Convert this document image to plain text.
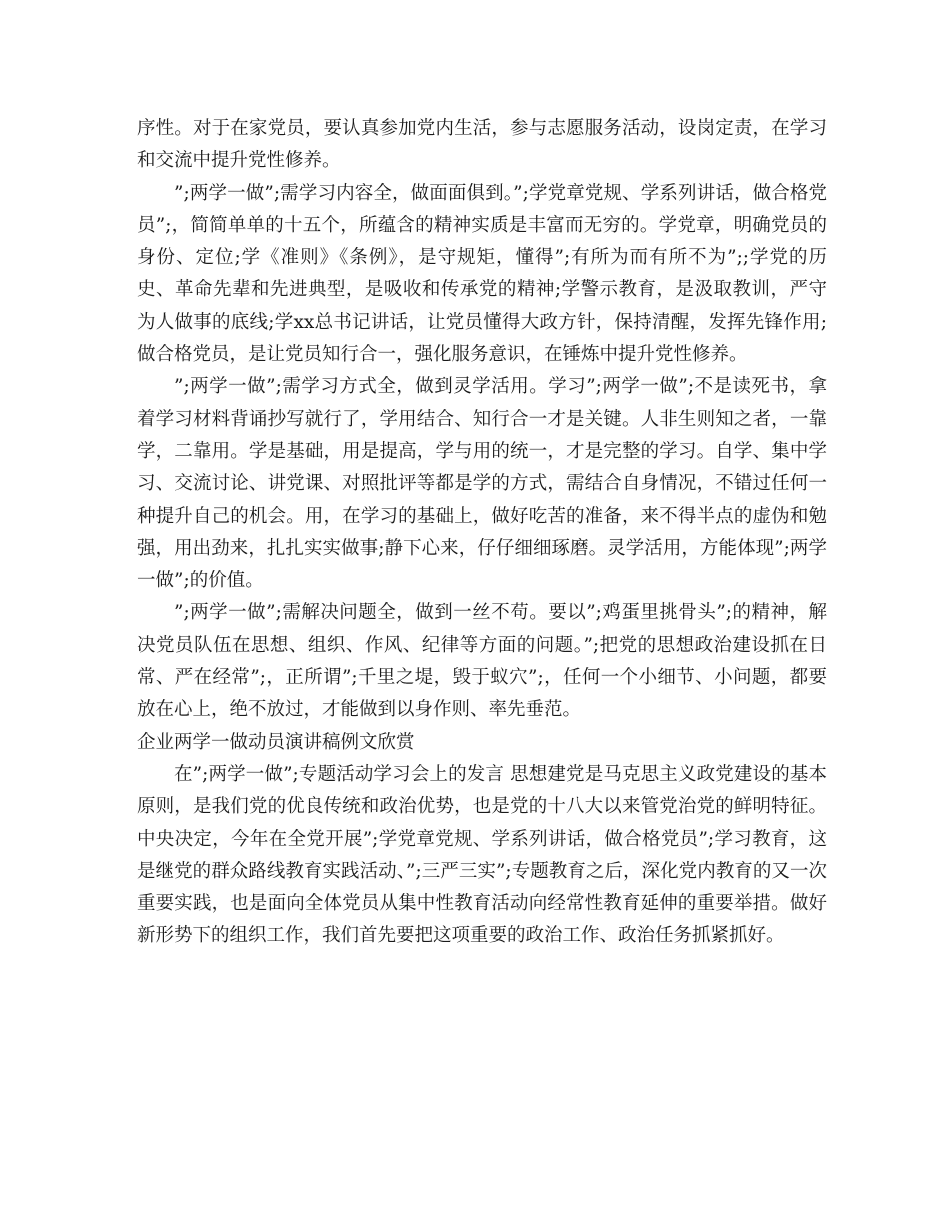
序性。对于在家党员，要认真参加党内生活，参与志愿服务活动，设岗定责，在学习和交流中提升党性修养。

”;两学一做”;需学习内容全，做面面俱到。”;学党章党规、学系列讲话，做合格党员”;，简简单单的十五个，所蕴含的精神实质是丰富而无穷的。学党章，明确党员的身份、定位;学《准则》《条例》，是守规矩，懂得”;有所为而有所不为”;;学党的历史、革命先辈和先进典型，是吸收和传承党的精神;学警示教育，是汲取教训，严守为人做事的底线;学xx总书记讲话，让党员懂得大政方针，保持清醒，发挥先锋作用;做合格党员，是让党员知行合一，强化服务意识，在锤炼中提升党性修养。

”;两学一做”;需学习方式全，做到灵学活用。学习”;两学一做”;不是读死书，拿着学习材料背诵抄写就行了，学用结合、知行合一才是关键。人非生则知之者，一靠学，二靠用。学是基础，用是提高，学与用的统一，才是完整的学习。自学、集中学习、交流讨论、讲党课、对照批评等都是学的方式，需结合自身情况，不错过任何一种提升自己的机会。用，在学习的基础上，做好吃苦的准备，来不得半点的虚伪和勉强，用出劲来，扎扎实实做事;静下心来，仔仔细细琢磨。灵学活用，方能体现”;两学一做”;的价值。

”;两学一做”;需解决问题全，做到一丝不苟。要以”;鸡蛋里挑骨头”;的精神，解决党员队伍在思想、组织、作风、纪律等方面的问题。”;把党的思想政治建设抓在日常、严在经常”;，正所谓”;千里之堤，毁于蚁穴”;，任何一个小细节、小问题，都要放在心上，绝不放过，才能做到以身作则、率先垂范。

企业两学一做动员演讲稿例文欣赏

在”;两学一做”;专题活动学习会上的发言 思想建党是马克思主义政党建设的基本原则，是我们党的优良传统和政治优势，也是党的十八大以来管党治党的鲜明特征。中央决定，今年在全党开展”;学党章党规、学系列讲话，做合格党员”;学习教育，这是继党的群众路线教育实践活动、”;三严三实”;专题教育之后，深化党内教育的又一次重要实践，也是面向全体党员从集中性教育活动向经常性教育延伸的重要举措。做好新形势下的组织工作，我们首先要把这项重要的政治工作、政治任务抓紧抓好。
